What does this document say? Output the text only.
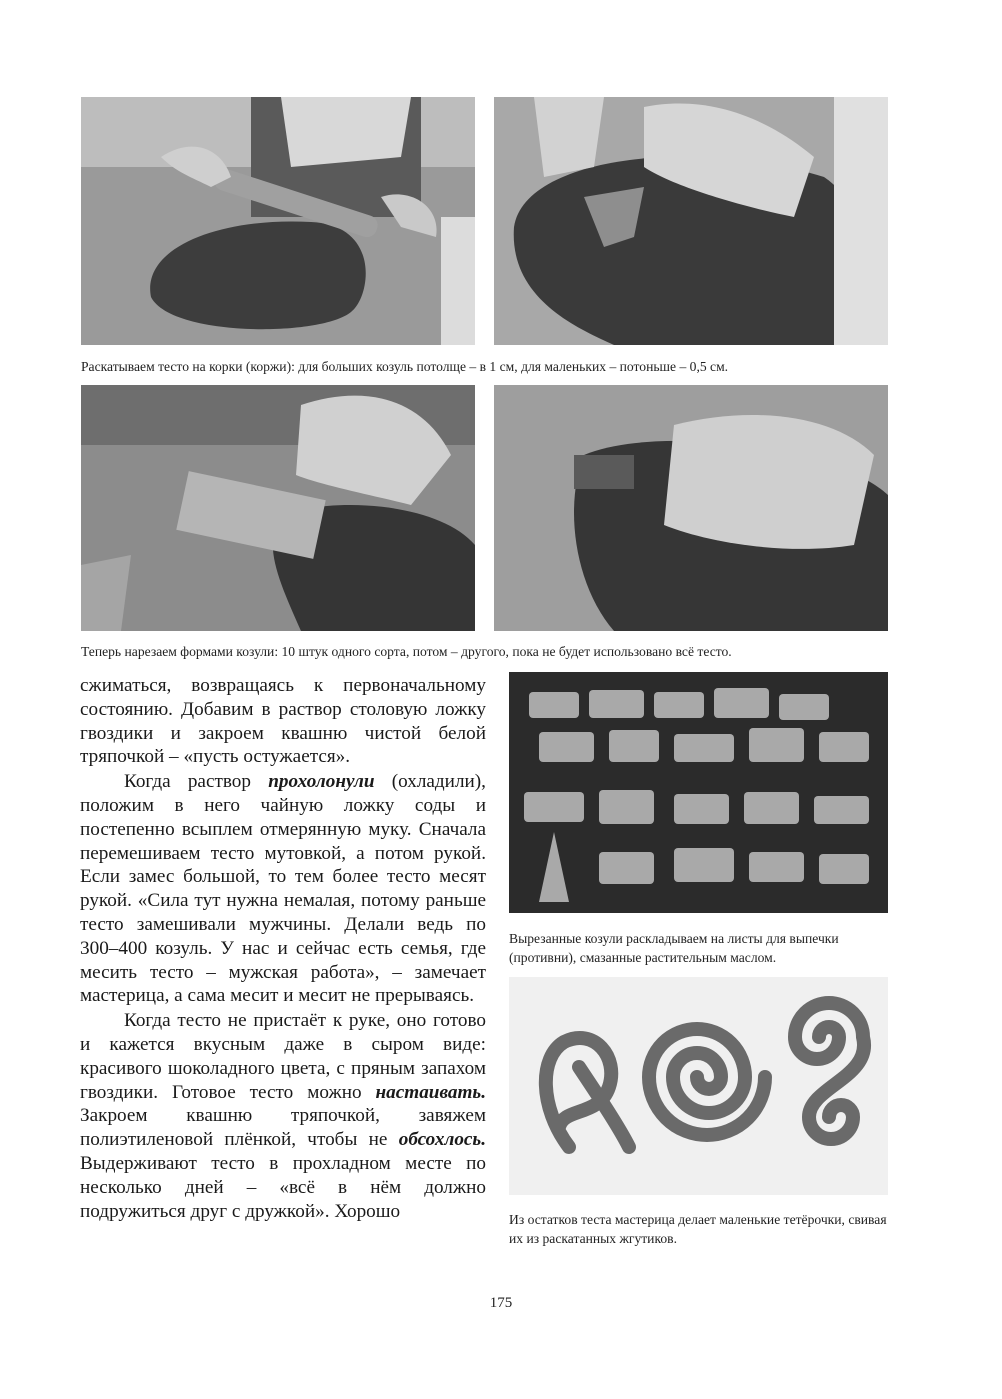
Раскатываем тесто на корки (коржи): для больших козуль потолще – в 1 см, для маленьких – потоньше – 0,5 см.
Теперь нарезаем формами козули: 10 штук одного сорта, потом – другого, пока не будет использовано всё тесто.

сжиматься, возвращаясь к первоначальному состоянию. Добавим в раствор столовую ложку гвоздики и закроем квашню чистой белой тряпочкой – «пусть остужается».

Когда раствор прохолонули (охладили), положим в него чайную ложку соды и постепенно всыплем отмерянную муку. Сначала перемешиваем тесто мутовкой, а потом рукой. Если замес большой, то тем более тесто месят рукой. «Сила тут нужна немалая, потому раньше тесто замешивали мужчины. Делали ведь по 300–400 козуль. У нас и сейчас есть семья, где месить тесто – мужская работа», – замечает мастерица, а сама месит и месит не прерываясь.

Когда тесто не пристаёт к руке, оно готово и кажется вкусным даже в сыром виде: красивого шоколадного цвета, с пряным запахом гвоздики. Готовое тесто можно настаивать. Закроем квашню тряпочкой, завяжем полиэтиленовой плёнкой, чтобы не обсохлось. Выдерживают тесто в прохладном месте по несколько дней – «всё в нём должно подружиться друг с дружкой». Хорошо

Вырезанные козули раскладываем на листы для выпечки (противни), смазанные растительным маслом.
Из остатков теста мастерица делает маленькие тетёрочки, свивая их из раскатанных жгутиков.
175
